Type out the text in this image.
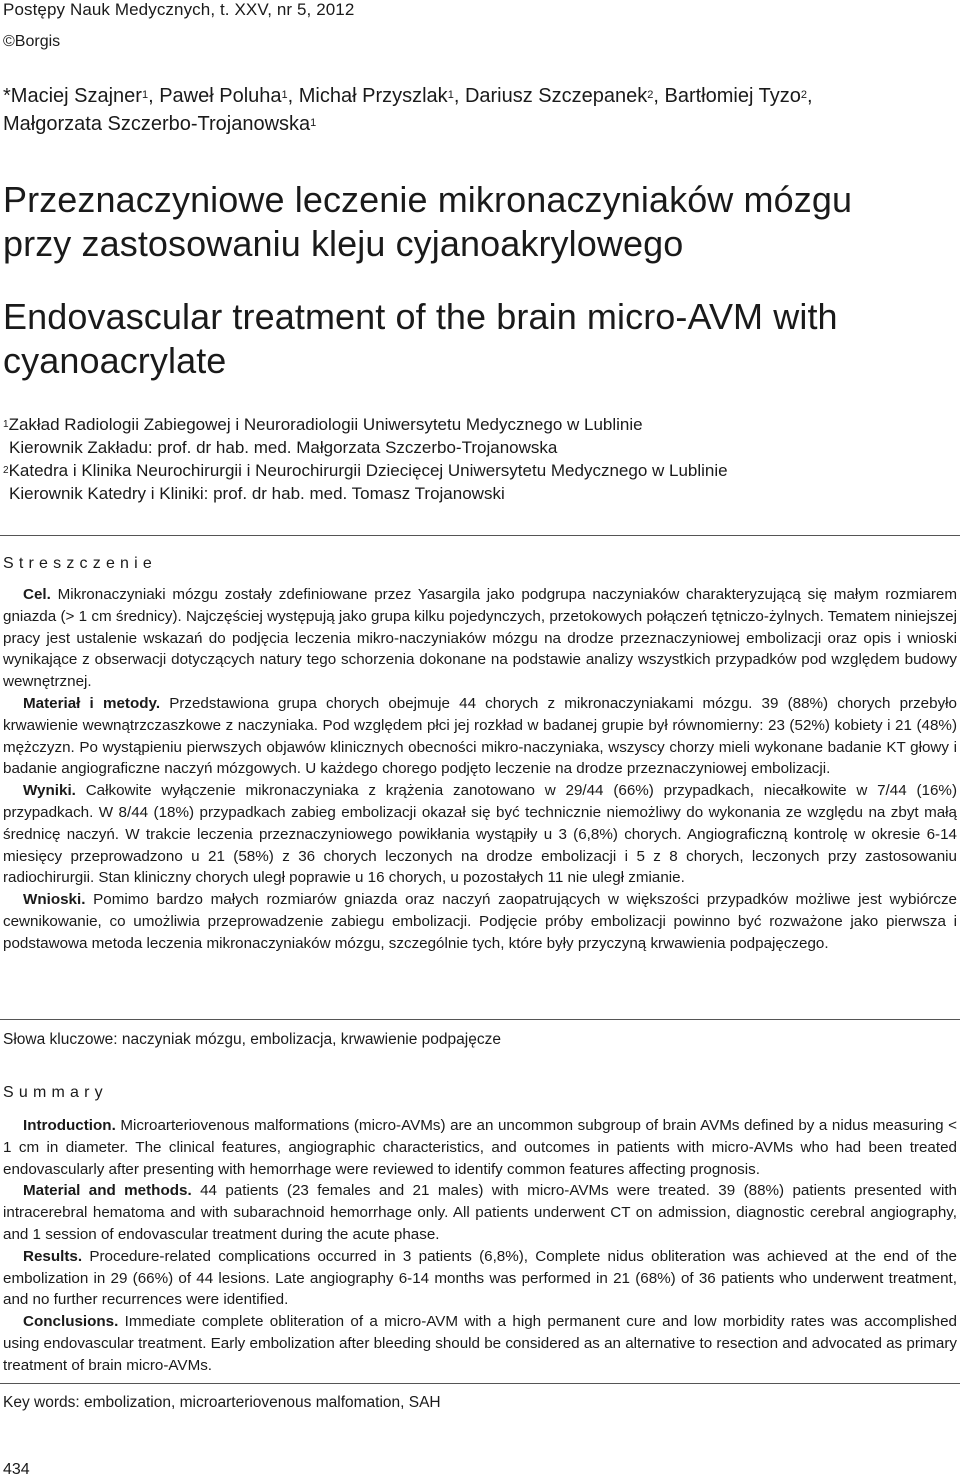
Postępy Nauk Medycznych, t. XXV, nr 5, 2012
©Borgis
*Maciej Szajner$^1$, Paweł Poluha$^1$, Michał Przyszlak$^1$, Dariusz Szczepanek$^2$, Bartłomiej Tyzo$^2$,
Małgorzata Szczerbo-Trojanowska$^1$
Przeznaczyniowe leczenie mikronaczyniaków mózgu
przy zastosowaniu kleju cyjanoakrylowego
Endovascular treatment of the brain micro-AVM with
cyanoacrylate
$^1$Zakład Radiologii Zabiegowej i Neuroradiologii Uniwersytetu Medycznego w Lublinie
Kierownik Zakładu: prof. dr hab. med. Małgorzata Szczerbo-Trojanowska
$^2$Katedra i Klinika Neurochirurgii i Neurochirurgii Dziecięcej Uniwersytetu Medycznego w Lublinie
Kierownik Katedry i Kliniki: prof. dr hab. med. Tomasz Trojanowski
Streszczenie

Cel. Mikronaczyniaki mózgu zostały zdefiniowane przez Yasargila jako podgrupa naczyniaków charakteryzującą się małym rozmiarem gniazda (> 1 cm średnicy). Najczęściej występują jako grupa kilku pojedynczych, przetokowych połączeń tętniczo-żylnych. Tematem niniejszej pracy jest ustalenie wskazań do podjęcia leczenia mikro-naczyniaków mózgu na drodze przeznaczyniowej embolizacji oraz opis i wnioski wynikające z obserwacji dotyczących natury tego schorzenia dokonane na podstawie analizy wszystkich przypadków pod względem budowy wewnętrznej.

Materiał i metody. Przedstawiona grupa chorych obejmuje 44 chorych z mikronaczyniakami mózgu. 39 (88%) chorych przebyło krwawienie wewnątrzczaszkowe z naczyniaka. Pod względem płci jej rozkład w badanej grupie był równomierny: 23 (52%) kobiety i 21 (48%) mężczyzn. Po wystąpieniu pierwszych objawów klinicznych obecności mikro-naczyniaka, wszyscy chorzy mieli wykonane badanie KT głowy i badanie angiograficzne naczyń mózgowych. U każdego chorego podjęto leczenie na drodze przeznaczyniowej embolizacji.

Wyniki. Całkowite wyłączenie mikronaczyniaka z krążenia zanotowano w 29/44 (66%) przypadkach, niecałkowite w 7/44 (16%) przypadkach. W 8/44 (18%) przypadkach zabieg embolizacji okazał się być technicznie niemożliwy do wykonania ze względu na zbyt małą średnicę naczyń. W trakcie leczenia przeznaczyniowego powikłania wystąpiły u 3 (6,8%) chorych. Angiograficzną kontrolę w okresie 6-14 miesięcy przeprowadzono u 21 (58%) z 36 chorych leczonych na drodze embolizacji i 5 z 8 chorych, leczonych przy zastosowaniu radiochirurgii. Stan kliniczny chorych uległ poprawie u 16 chorych, u pozostałych 11 nie uległ zmianie.

Wnioski. Pomimo bardzo małych rozmiarów gniazda oraz naczyń zaopatrujących w większości przypadków możliwe jest wybiórcze cewnikowanie, co umożliwia przeprowadzenie zabiegu embolizacji. Podjęcie próby embolizacji powinno być rozważone jako pierwsza i podstawowa metoda leczenia mikronaczyniaków mózgu, szczególnie tych, które były przyczyną krwawienia podpajęczego.

Słowa kluczowe: naczyniak mózgu, embolizacja, krwawienie podpajęcze
Summary

Introduction. Microarteriovenous malformations (micro-AVMs) are an uncommon subgroup of brain AVMs defined by a nidus measuring < 1 cm in diameter. The clinical features, angiographic characteristics, and outcomes in patients with micro-AVMs who had been treated endovascularly after presenting with hemorrhage were reviewed to identify common features affecting prognosis.

Material and methods. 44 patients (23 females and 21 males) with micro-AVMs were treated. 39 (88%) patients presented with intracerebral hematoma and with subarachnoid hemorrhage only. All patients underwent CT on admission, diagnostic cerebral angiography, and 1 session of endovascular treatment during the acute phase.

Results. Procedure-related complications occurred in 3 patients (6,8%), Complete nidus obliteration was achieved at the end of the embolization in 29 (66%) of 44 lesions. Late angiography 6-14 months was performed in 21 (68%) of 36 patients who underwent treatment, and no further recurrences were identified.

Conclusions. Immediate complete obliteration of a micro-AVM with a high permanent cure and low morbidity rates was accomplished using endovascular treatment. Early embolization after bleeding should be considered as an alternative to resection and advocated as primary treatment of brain micro-AVMs.

Key words: embolization, microarteriovenous malfomation, SAH
434
